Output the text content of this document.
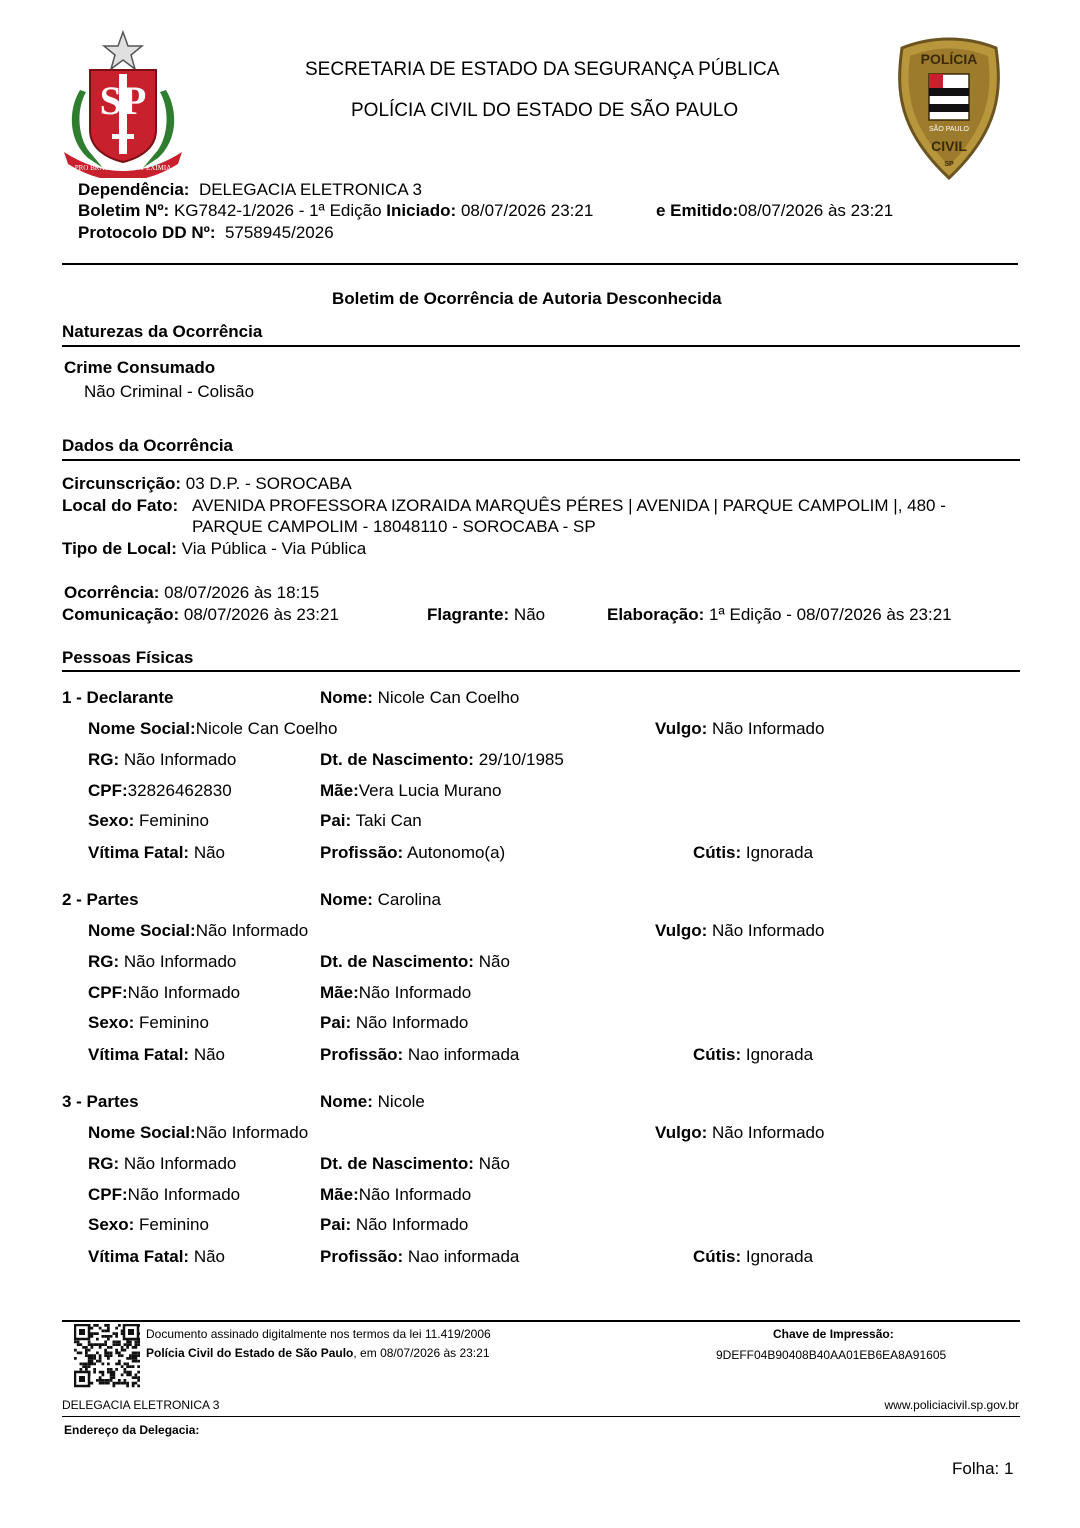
SP
PRO BRASILIA FIANT EXIMIA
SECRETARIA DE ESTADO DA SEGURANÇA PÚBLICA
POLÍCIA CIVIL DO ESTADO DE SÃO PAULO
POLÍCIA
SÃO PAULO
CIVIL
SP
Dependência: DELEGACIA ELETRONICA 3
Boletim Nº: KG7842-1/2026 - 1ª Edição Iniciado: 08/07/2026 23:21	e Emitido:08/07/2026 às 23:21
Protocolo DD Nº: 5758945/2026
Boletim de Ocorrência de Autoria Desconhecida
Naturezas da Ocorrência
Crime Consumado
Não Criminal - Colisão
Dados da Ocorrência
Circunscrição: 03 D.P. - SOROCABA
Local do Fato: AVENIDA PROFESSORA IZORAIDA MARQUÊS PÉRES | AVENIDA | PARQUE CAMPOLIM |, 480 -
PARQUE CAMPOLIM - 18048110 - SOROCABA - SP
Tipo de Local: Via Pública - Via Pública
Ocorrência: 08/07/2026 às 18:15
Comunicação: 08/07/2026 às 23:21	Flagrante: Não	Elaboração: 1ª Edição - 08/07/2026 às 23:21
Pessoas Físicas
1 - Declarante	Nome: Nicole Can Coelho
Nome Social:Nicole Can Coelho	Vulgo: Não Informado
RG: Não Informado	Dt. de Nascimento: 29/10/1985
CPF:32826462830	Mãe:Vera Lucia Murano
Sexo: Feminino	Pai: Taki Can
Vítima Fatal: Não	Profissão: Autonomo(a)	Cútis: Ignorada
2 - Partes	Nome: Carolina
Nome Social:Não Informado	Vulgo: Não Informado
RG: Não Informado	Dt. de Nascimento: Não
CPF:Não Informado	Mãe:Não Informado
Sexo: Feminino	Pai: Não Informado
Vítima Fatal: Não	Profissão: Nao informada	Cútis: Ignorada
3 - Partes	Nome: Nicole
Nome Social:Não Informado	Vulgo: Não Informado
RG: Não Informado	Dt. de Nascimento: Não
CPF:Não Informado	Mãe:Não Informado
Sexo: Feminino	Pai: Não Informado
Vítima Fatal: Não	Profissão: Nao informada	Cútis: Ignorada
Documento assinado digitalmente nos termos da lei 11.419/2006
Polícia Civil do Estado de São Paulo, em 08/07/2026 às 23:21
Chave de Impressão:
9DEFF04B90408B40AA01EB6EA8A91605
DELEGACIA ELETRONICA 3	www.policiacivil.sp.gov.br
Endereço da Delegacia:
Folha: 1
